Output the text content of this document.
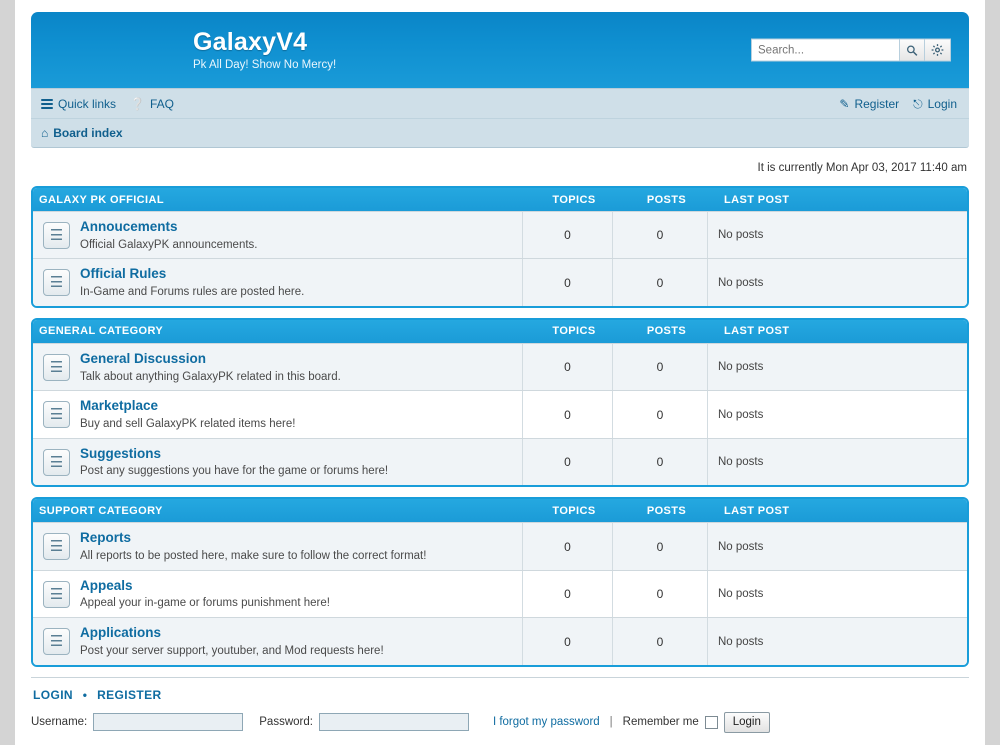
GalaxyV4
Pk All Day! Show No Mercy!
Search...
Quick links ❔ FAQ	✎ Register ⎋ Login
⌂ Board index
It is currently Mon Apr 03, 2017 11:40 am
GALAXY PK OFFICIAL	TOPICS	POSTS	LAST POST
☰
Annoucements
Official GalaxyPK announcements.
0	0	No posts
☰
Official Rules
In-Game and Forums rules are posted here.
0	0	No posts
GENERAL CATEGORY	TOPICS	POSTS	LAST POST
☰
General Discussion
Talk about anything GalaxyPK related in this board.
0	0	No posts
☰
Marketplace
Buy and sell GalaxyPK related items here!
0	0	No posts
☰
Suggestions
Post any suggestions you have for the game or forums here!
0	0	No posts
SUPPORT CATEGORY	TOPICS	POSTS	LAST POST
☰
Reports
All reports to be posted here, make sure to follow the correct format!
0	0	No posts
☰
Appeals
Appeal your in-game or forums punishment here!
0	0	No posts
☰
Applications
Post your server support, youtuber, and Mod requests here!
0	0	No posts
LOGIN • REGISTER
Username:	Password:	I forgot my password | Remember me	Login
